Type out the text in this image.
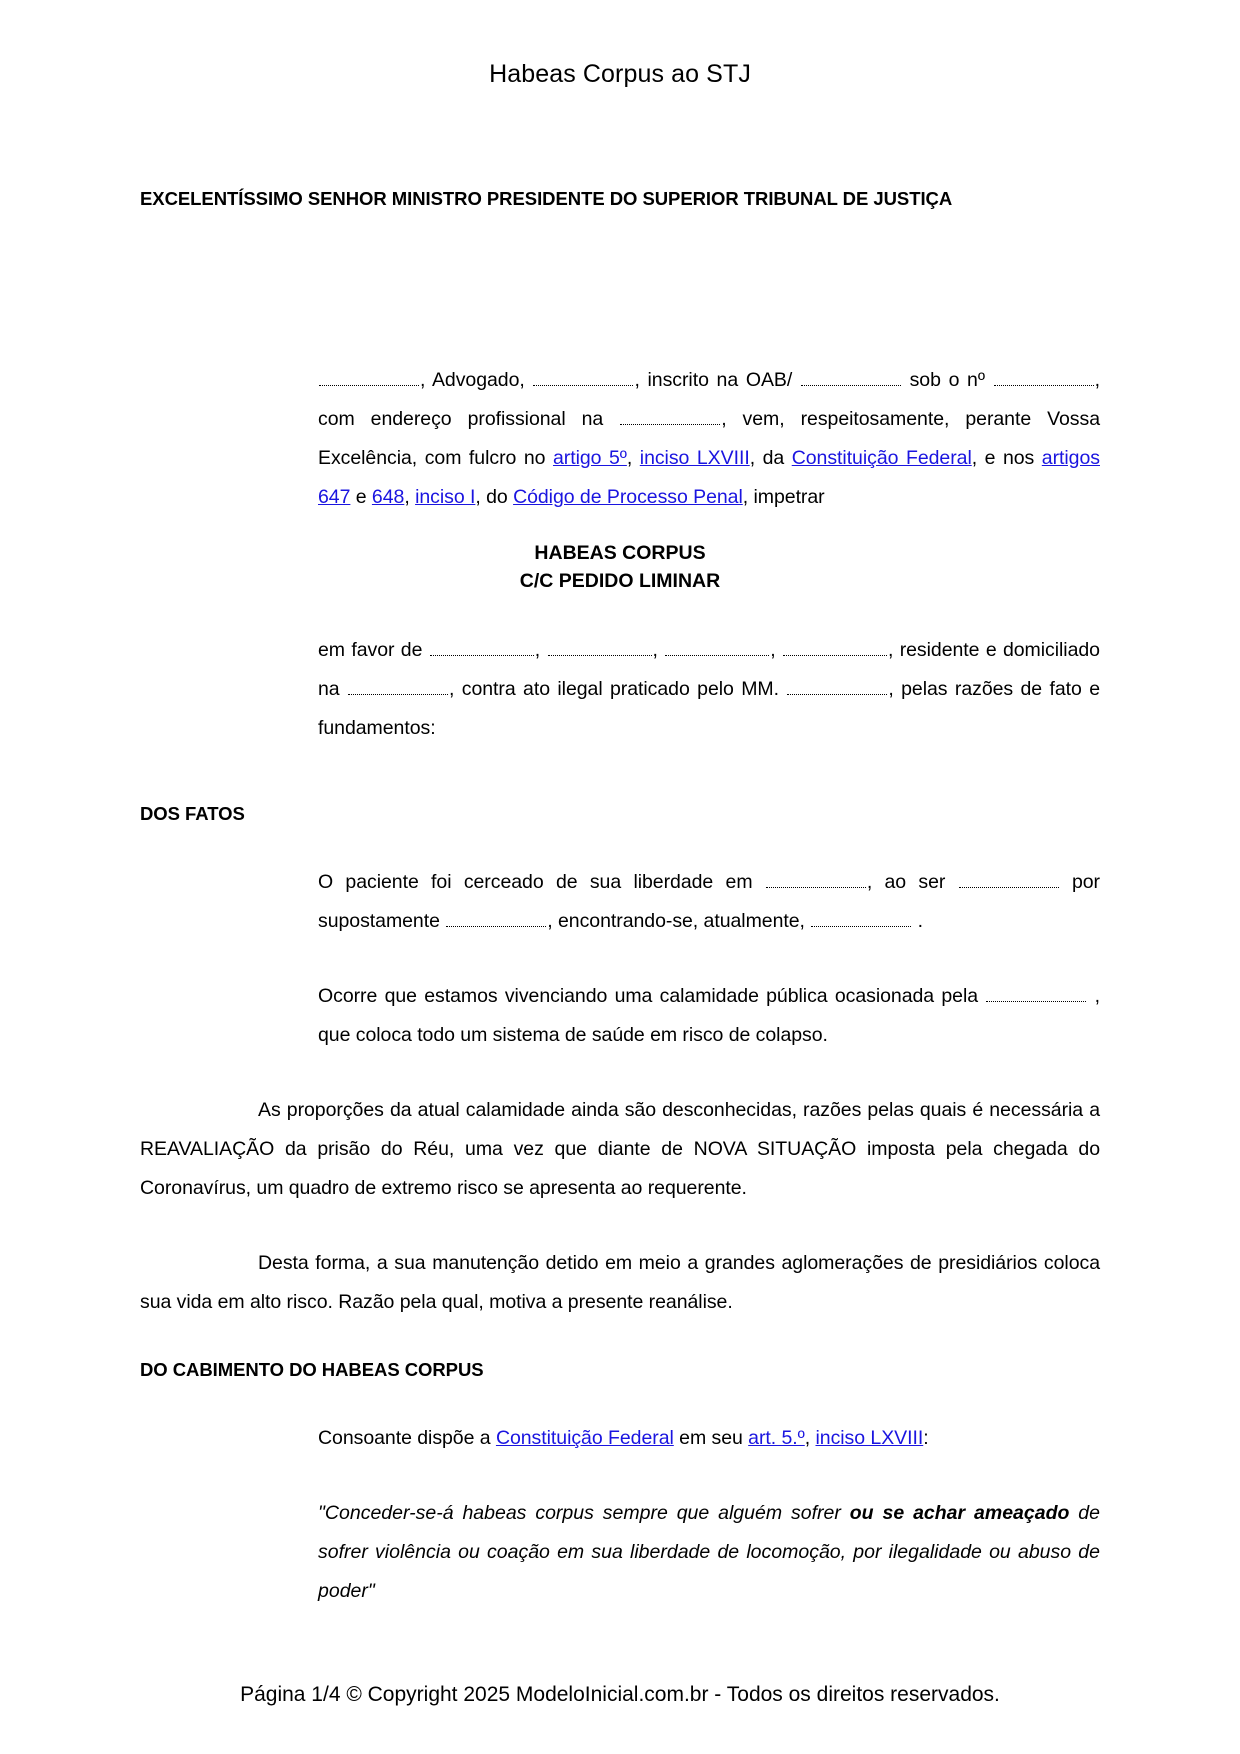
Habeas Corpus ao STJ
EXCELENTÍSSIMO SENHOR MINISTRO PRESIDENTE DO SUPERIOR TRIBUNAL DE JUSTIÇA

, Advogado,	, inscrito na OAB/	sob o nº	, com endereço profissional na	, vem, respeitosamente, perante Vossa Excelência, com fulcro no artigo 5º, inciso LXVIII, da Constituição Federal, e nos artigos 647 e 648, inciso I, do Código de Processo Penal, impetrar

HABEAS CORPUS
C/C PEDIDO LIMINAR

em favor de	,	,	,	, residente e domiciliado na	, contra ato ilegal praticado pelo MM.	, pelas razões de fato e fundamentos:

DOS FATOS

O paciente foi cerceado de sua liberdade em	, ao ser	por supostamente	, encontrando-se, atualmente,	.

Ocorre que estamos vivenciando uma calamidade pública ocasionada pela	, que coloca todo um sistema de saúde em risco de colapso.

As proporções da atual calamidade ainda são desconhecidas, razões pelas quais é necessária a REAVALIAÇÃO da prisão do Réu, uma vez que diante de NOVA SITUAÇÃO imposta pela chegada do Coronavírus, um quadro de extremo risco se apresenta ao requerente.

Desta forma, a sua manutenção detido em meio a grandes aglomerações de presidiários coloca sua vida em alto risco. Razão pela qual, motiva a presente reanálise.

DO CABIMENTO DO HABEAS CORPUS

Consoante dispõe a Constituição Federal em seu art. 5.º, inciso LXVIII:

"Conceder-se-á habeas corpus sempre que alguém sofrer ou se achar ameaçado de sofrer violência ou coação em sua liberdade de locomoção, por ilegalidade ou abuso de poder"

Página 1/4 © Copyright 2025 ModeloInicial.com.br - Todos os direitos reservados.
